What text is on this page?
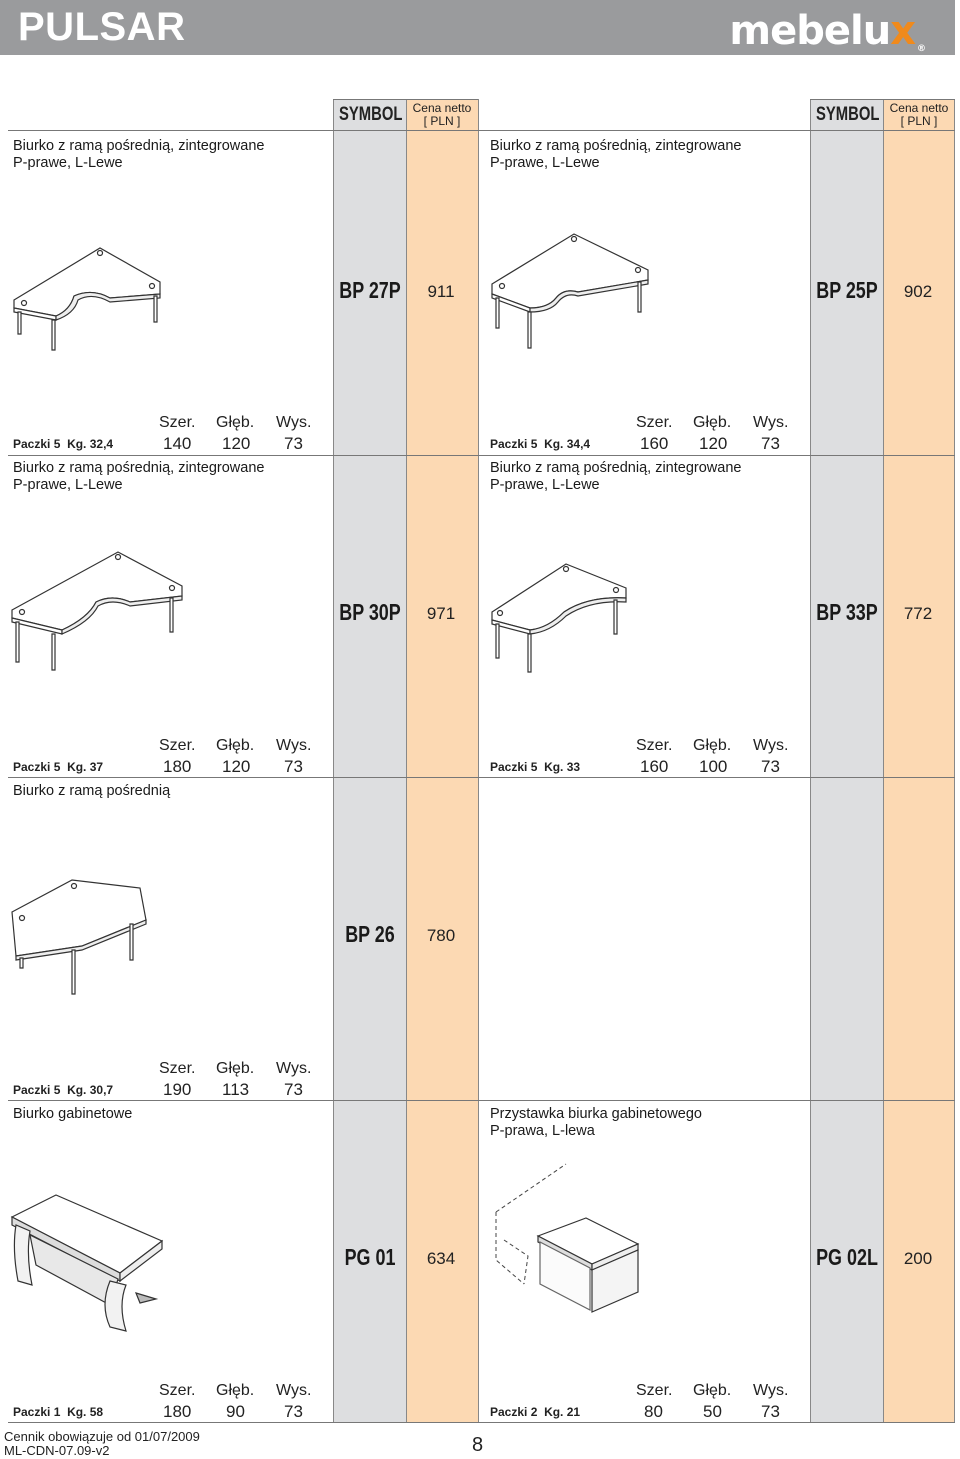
PULSAR	mebelux ®
SYMBOL Cena netto
[ PLN ]	SYMBOL Cena netto
[ PLN ]
Biurko z ramą pośrednią, zintegrowane
P-prawe, L-Lewe
BP 27P	911
Szer. Głęb. Wys.
Paczki 5 Kg. 32,4	140 120 73
Biurko z ramą pośrednią, zintegrowane
P-prawe, L-Lewe
BP 25P	902
Szer. Głęb. Wys.
Paczki 5 Kg. 34,4	160 120 73
Biurko z ramą pośrednią, zintegrowane
P-prawe, L-Lewe
BP 30P	971
Szer. Głęb. Wys.
Paczki 5 Kg. 37	180 120 73
Biurko z ramą pośrednią, zintegrowane
P-prawe, L-Lewe
BP 33P	772
Szer. Głęb. Wys.
Paczki 5 Kg. 33	160 100 73
Biurko z ramą pośrednią
BP 26	780
Szer. Głęb. Wys.
Paczki 5 Kg. 30,7	190 113 73
Biurko gabinetowe
PG 01	634
Szer. Głęb. Wys.
Paczki 1 Kg. 58	180 90 73
Przystawka biurka gabinetowego
P-prawa, L-lewa
PG 02L	200
Szer. Głęb. Wys.
Paczki 2 Kg. 21	80 50 73
Cennik obowiązuje od 01/07/2009
ML-CDN-07.09-v2	8
